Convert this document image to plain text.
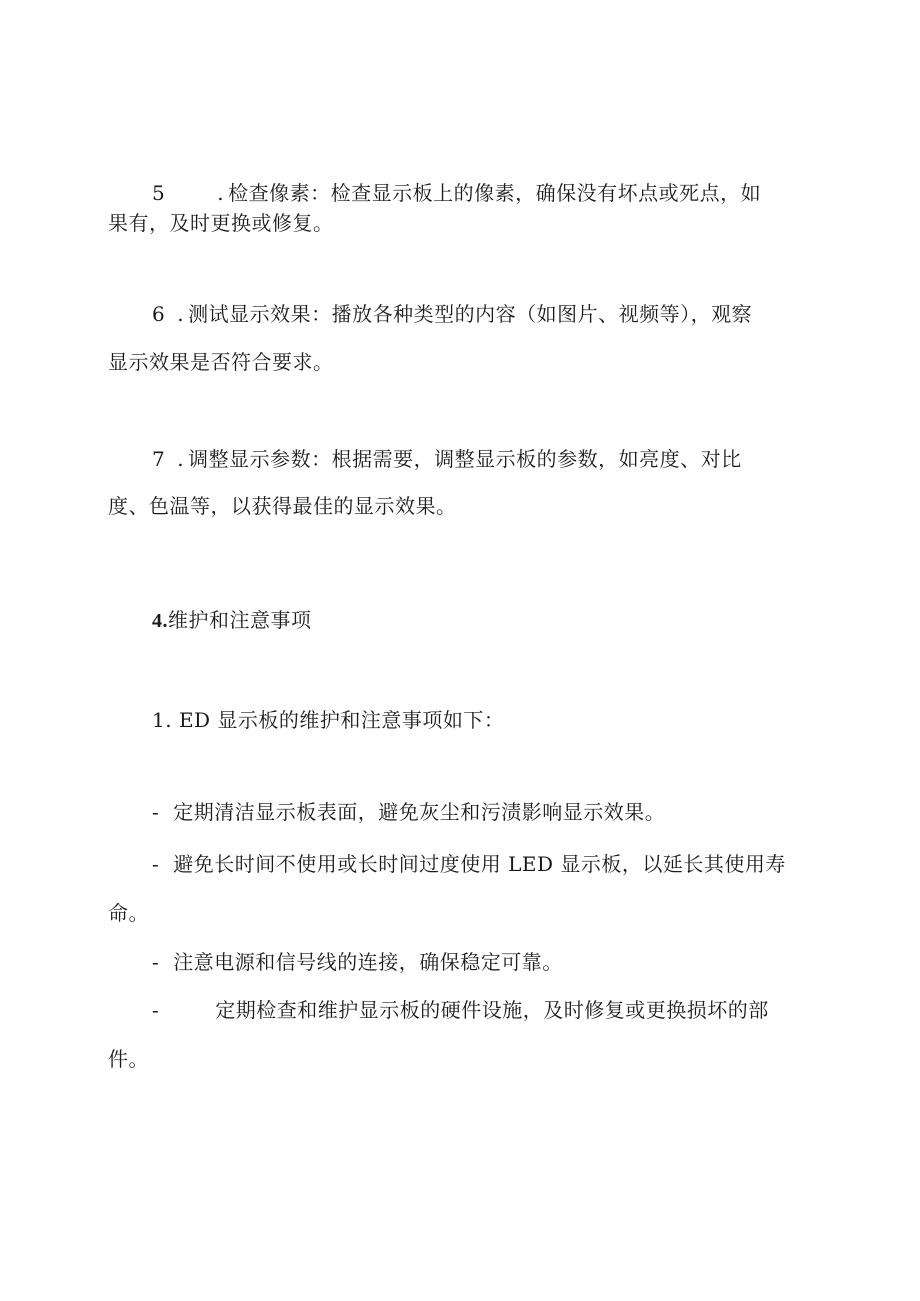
5	. 检查像素：检查显示板上的像素，确保没有坏点或死点，如
果有，及时更换或修复。
6 . 测试显示效果：播放各种类型的内容（如图片、视频等），观察
显示效果是否符合要求。
7 . 调整显示参数：根据需要，调整显示板的参数，如亮度、对比
度、色温等，以获得最佳的显示效果。
4.维护和注意事项
1. ED 显示板的维护和注意事项如下：
- 定期清洁显示板表面，避免灰尘和污渍影响显示效果。
- 避免长时间不使用或长时间过度使用 LED 显示板，以延长其使用寿
命。
- 注意电源和信号线的连接，确保稳定可靠。
-	定期检查和维护显示板的硬件设施，及时修复或更换损坏的部
件。
